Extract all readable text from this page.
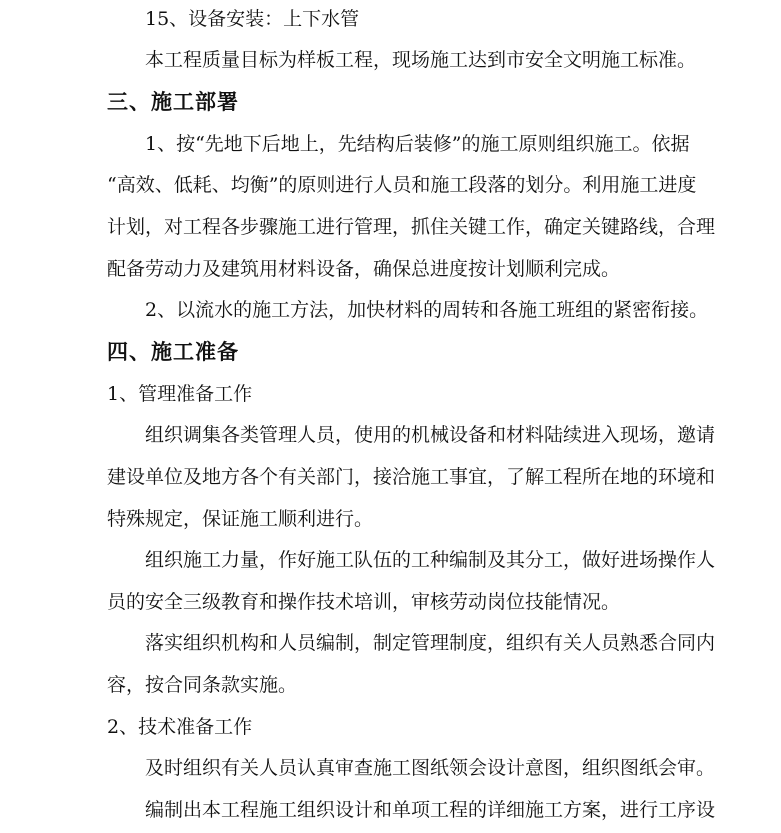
15、设备安装：上下水管
本工程质量目标为样板工程，现场施工达到市安全文明施工标准。
三、施工部署
1、按“先地下后地上，先结构后装修”的施工原则组织施工。依据
“高效、低耗、均衡”的原则进行人员和施工段落的划分。利用施工进度
计划，对工程各步骤施工进行管理，抓住关键工作，确定关键路线，合理
配备劳动力及建筑用材料设备，确保总进度按计划顺利完成。
2、以流水的施工方法，加快材料的周转和各施工班组的紧密衔接。
四、施工准备
1、管理准备工作
组织调集各类管理人员，使用的机械设备和材料陆续进入现场，邀请
建设单位及地方各个有关部门，接洽施工事宜，了解工程所在地的环境和
特殊规定，保证施工顺利进行。
组织施工力量，作好施工队伍的工种编制及其分工，做好进场操作人
员的安全三级教育和操作技术培训，审核劳动岗位技能情况。
落实组织机构和人员编制，制定管理制度，组织有关人员熟悉合同内
容，按合同条款实施。
2、技术准备工作
及时组织有关人员认真审查施工图纸领会设计意图，组织图纸会审。
编制出本工程施工组织设计和单项工程的详细施工方案，进行工序设
